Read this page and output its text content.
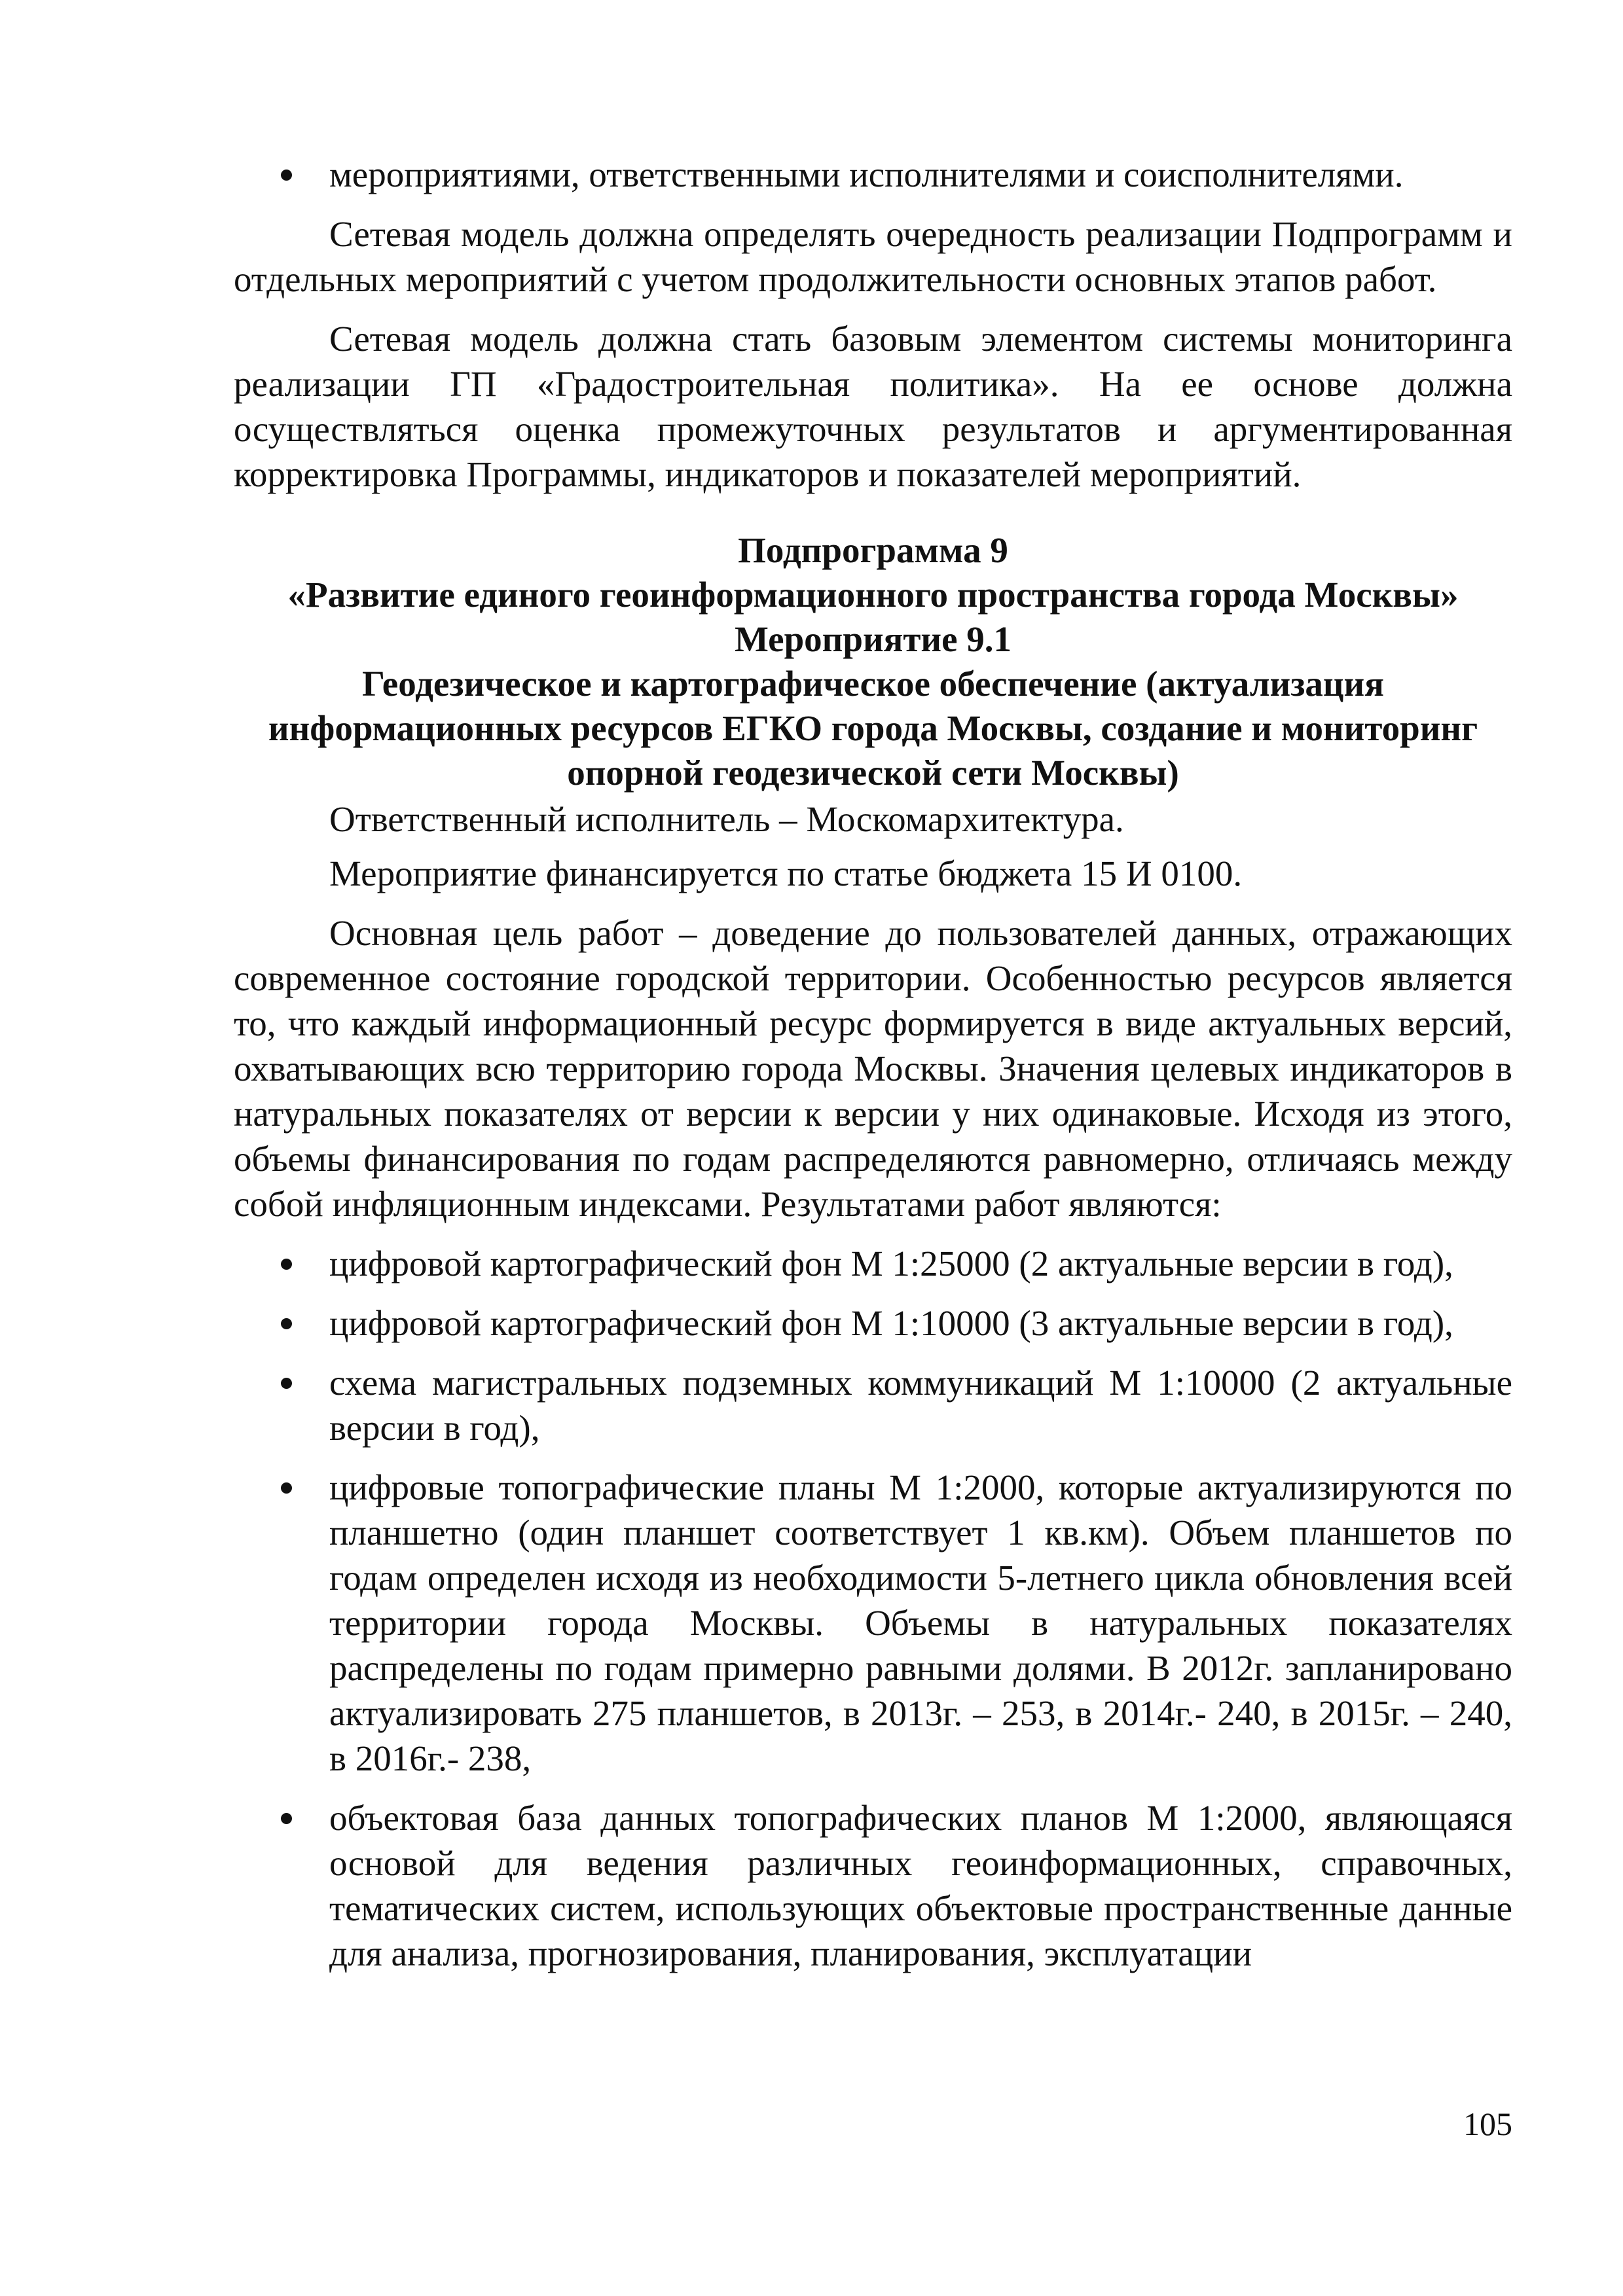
мероприятиями, ответственными исполнителями и соисполнителями.

Сетевая модель должна определять очередность реализации Подпрограмм и отдельных мероприятий с учетом продолжительности основных этапов работ.

Сетевая модель должна стать базовым элементом системы мониторинга реализации ГП «Градостроительная политика». На ее основе должна осуществляться оценка промежуточных результатов и аргументированная корректировка Программы, индикаторов и показателей мероприятий.

Подпрограмма 9

«Развитие единого геоинформационного пространства города Москвы»

Мероприятие 9.1

Геодезическое и картографическое обеспечение (актуализация информационных ресурсов ЕГКО города Москвы, создание и мониторинг опорной геодезической сети Москвы)

Ответственный исполнитель – Москомархитектура.

Мероприятие финансируется по статье бюджета 15 И 0100.

Основная цель работ – доведение до пользователей данных, отражающих современное состояние городской территории. Особенностью ресурсов является то, что каждый информационный ресурс формируется в виде актуальных версий, охватывающих всю территорию города Москвы. Значения целевых индикаторов в натуральных показателях от версии к версии у них одинаковые. Исходя из этого, объемы финансирования по годам распределяются равномерно, отличаясь между собой инфляционным индексами. Результатами работ являются:

цифровой картографический фон М 1:25000 (2 актуальные версии в год),
цифровой картографический фон М 1:10000 (3 актуальные версии в год),
схема магистральных подземных коммуникаций М 1:10000 (2 актуальные версии в год),
цифровые топографические планы М 1:2000, которые актуализируются по планшетно (один планшет соответствует 1 кв.км). Объем планшетов по годам определен исходя из необходимости 5-летнего цикла обновления всей территории города Москвы. Объемы в натуральных показателях распределены по годам примерно равными долями. В 2012г. запланировано актуализировать 275 планшетов, в 2013г. – 253, в 2014г.- 240, в 2015г. – 240, в 2016г.- 238,
объектовая база данных топографических планов М 1:2000, являющаяся основой для ведения различных геоинформационных, справочных, тематических систем, использующих объектовые пространственные данные для анализа, прогнозирования, планирования, эксплуатации
105
